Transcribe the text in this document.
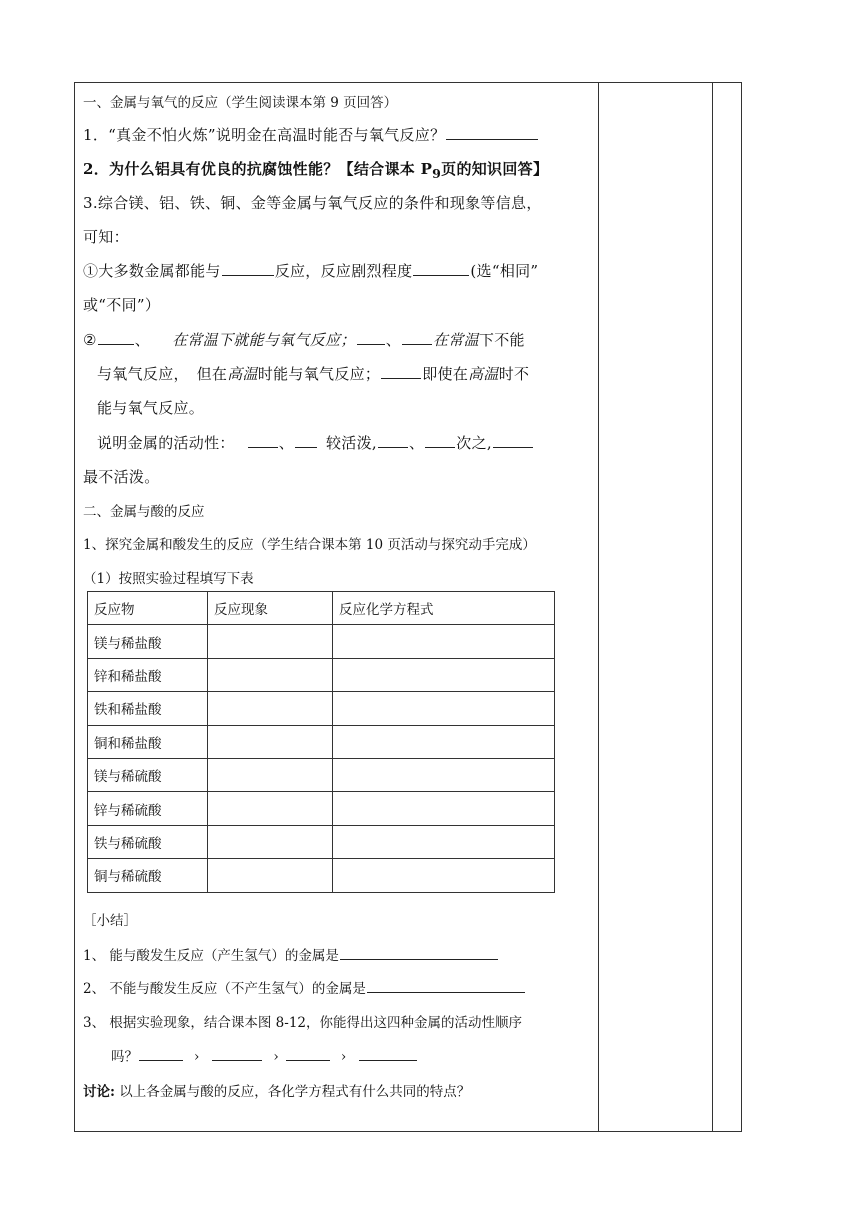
一、金属与氧气的反应（学生阅读课本第 9 页回答）
1．“真金不怕火炼”说明金在高温时能否与氧气反应？
2．为什么铝具有优良的抗腐蚀性能？【结合课本 $P_9$页的知识回答】
3.综合镁、铝、铁、铜、金等金属与氧气反应的条件和现象等信息，
可知：
①大多数金属都能与	反应，反应剧烈程度	(选“相同”
或“不同”）
②	、 在常温下就能与氧气反应； 、 在常温下不能
与氧气反应，　但在高温时能与氧气反应；	即使在高温时不
能与氧气反应。
说明金属的活动性：	、 较活泼, 、 次之,
最不活泼。
二、金属与酸的反应
1、探究金属和酸发生的反应（学生结合课本第 10 页活动与探究动手完成）
（1）按照实验过程填写下表
反应物	反应现象	反应化学方程式
镁与稀盐酸		
锌和稀盐酸		
铁和稀盐酸		
铜和稀盐酸		
镁与稀硫酸		
锌与稀硫酸		
铁与稀硫酸		
铜与稀硫酸		
［小结］
1、 能与酸发生反应（产生氢气）的金属是
2、 不能与酸发生反应（不产生氢气）的金属是
3、 根据实验现象，结合课本图 8-12，你能得出这四种金属的活动性顺序
吗？	›	›	›
讨论: 以上各金属与酸的反应，各化学方程式有什么共同的特点？
